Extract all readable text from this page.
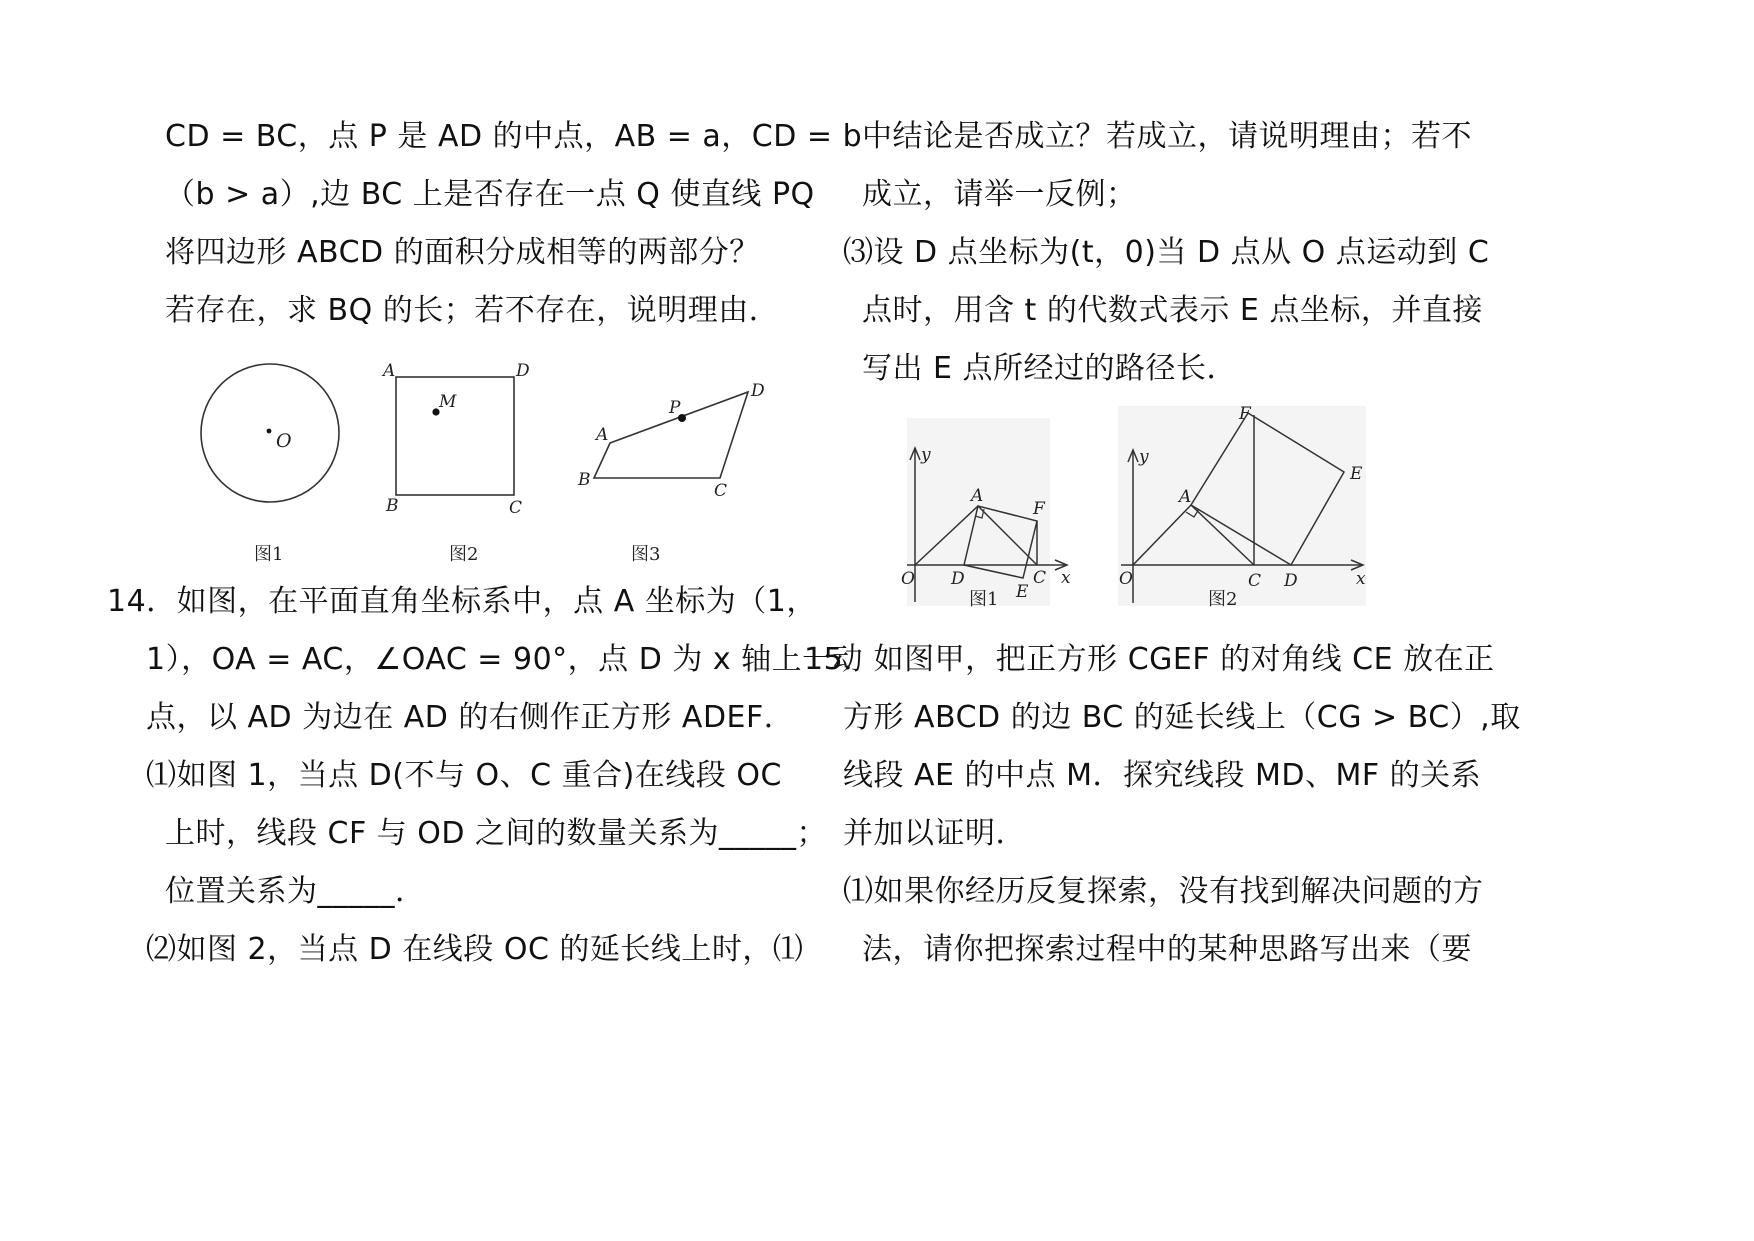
CD = BC，点 P 是 AD 的中点，AB = a，CD = b
（b > a）,边 BC 上是否存在一点 Q 使直线 PQ
将四边形 ABCD 的面积分成相等的两部分？
若存在，求 BQ 的长；若不存在，说明理由．
O
图1
A	D
B	C
M
图2
A
D
B
C
P
图3
14．如图，在平面直角坐标系中，点 A 坐标为（1，
1），OA = AC，∠OAC = 90°，点 D 为 x 轴上一动
点，以 AD 为边在 AD 的右侧作正方形 ADEF．
⑴如图 1，当点 D(不与 O、C 重合)在线段 OC
上时，线段 CF 与 OD 之间的数量关系为_____；
位置关系为_____．
⑵如图 2，当点 D 在线段 OC 的延长线上时，⑴
中结论是否成立？若成立，请说明理由；若不
成立，请举一反例；
⑶设 D 点坐标为(t，0)当 D 点从 O 点运动到 C
点时，用含 t 的代数式表示 E 点坐标，并直接
写出 E 点所经过的路径长．
y
x
O
A
D
E
C
F
图1
y
x
O
A
C D
E
F
图2
15．如图甲，把正方形 CGEF 的对角线 CE 放在正
方形 ABCD 的边 BC 的延长线上（CG > BC）,取
线段 AE 的中点 M．探究线段 MD、MF 的关系
并加以证明．
⑴如果你经历反复探索，没有找到解决问题的方
法，请你把探索过程中的某种思路写出来（要
